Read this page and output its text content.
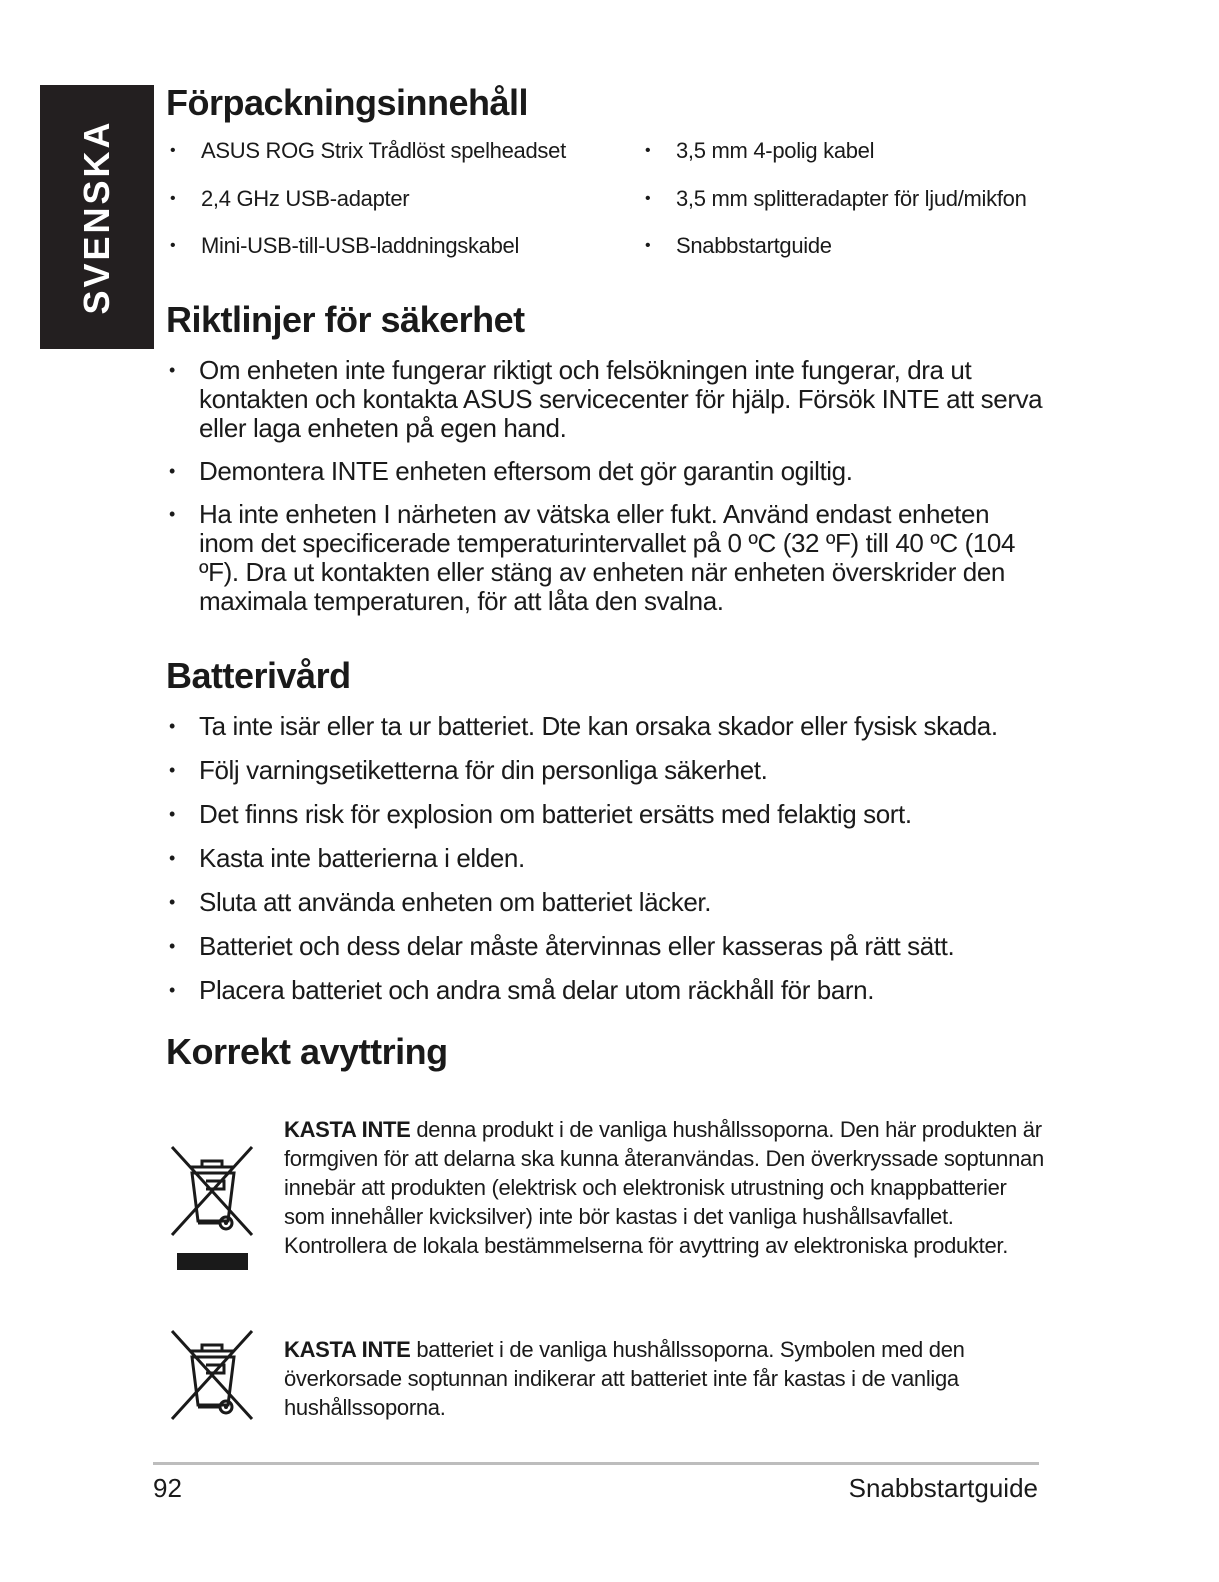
SVENSKA
Förpackningsinnehåll
• ASUS ROG Strix Trådlöst spelheadset
• 2,4 GHz USB-adapter
• Mini-USB-till-USB-laddningskabel
• 3,5 mm 4-polig kabel
• 3,5 mm splitteradapter för ljud/mikfon
• Snabbstartguide
Riktlinjer för säkerhet
• Om enheten inte fungerar riktigt och felsökningen inte fungerar, dra ut kontakten och kontakta ASUS servicecenter för hjälp. Försök INTE att serva eller laga enheten på egen hand.
• Demontera INTE enheten eftersom det gör garantin ogiltig.
• Ha inte enheten I närheten av vätska eller fukt. Använd endast enheten inom det specificerade temperaturintervallet på 0 ºC (32 ºF) till 40 ºC (104 ºF). Dra ut kontakten eller stäng av enheten när enheten överskrider den maximala temperaturen, för att låta den svalna.
Batterivård
• Ta inte isär eller ta ur batteriet. Dte kan orsaka skador eller fysisk skada.
• Följ varningsetiketterna för din personliga säkerhet.
• Det finns risk för explosion om batteriet ersätts med felaktig sort.
• Kasta inte batterierna i elden.
• Sluta att använda enheten om batteriet läcker.
• Batteriet och dess delar måste återvinnas eller kasseras på rätt sätt.
• Placera batteriet och andra små delar utom räckhåll för barn.
Korrekt avyttring
KASTA INTE denna produkt i de vanliga hushållssoporna. Den här produkten är formgiven för att delarna ska kunna återanvändas. Den överkryssade soptunnan innebär att produkten (elektrisk och elektronisk utrustning och knappbatterier som innehåller kvicksilver) inte bör kastas i det vanliga hushållsavfallet. Kontrollera de lokala bestämmelserna för avyttring av elektroniska produkter.
KASTA INTE batteriet i de vanliga hushållssoporna. Symbolen med den överkorsade soptunnan indikerar att batteriet inte får kastas i de vanliga hushållssoporna.
92	Snabbstartguide
